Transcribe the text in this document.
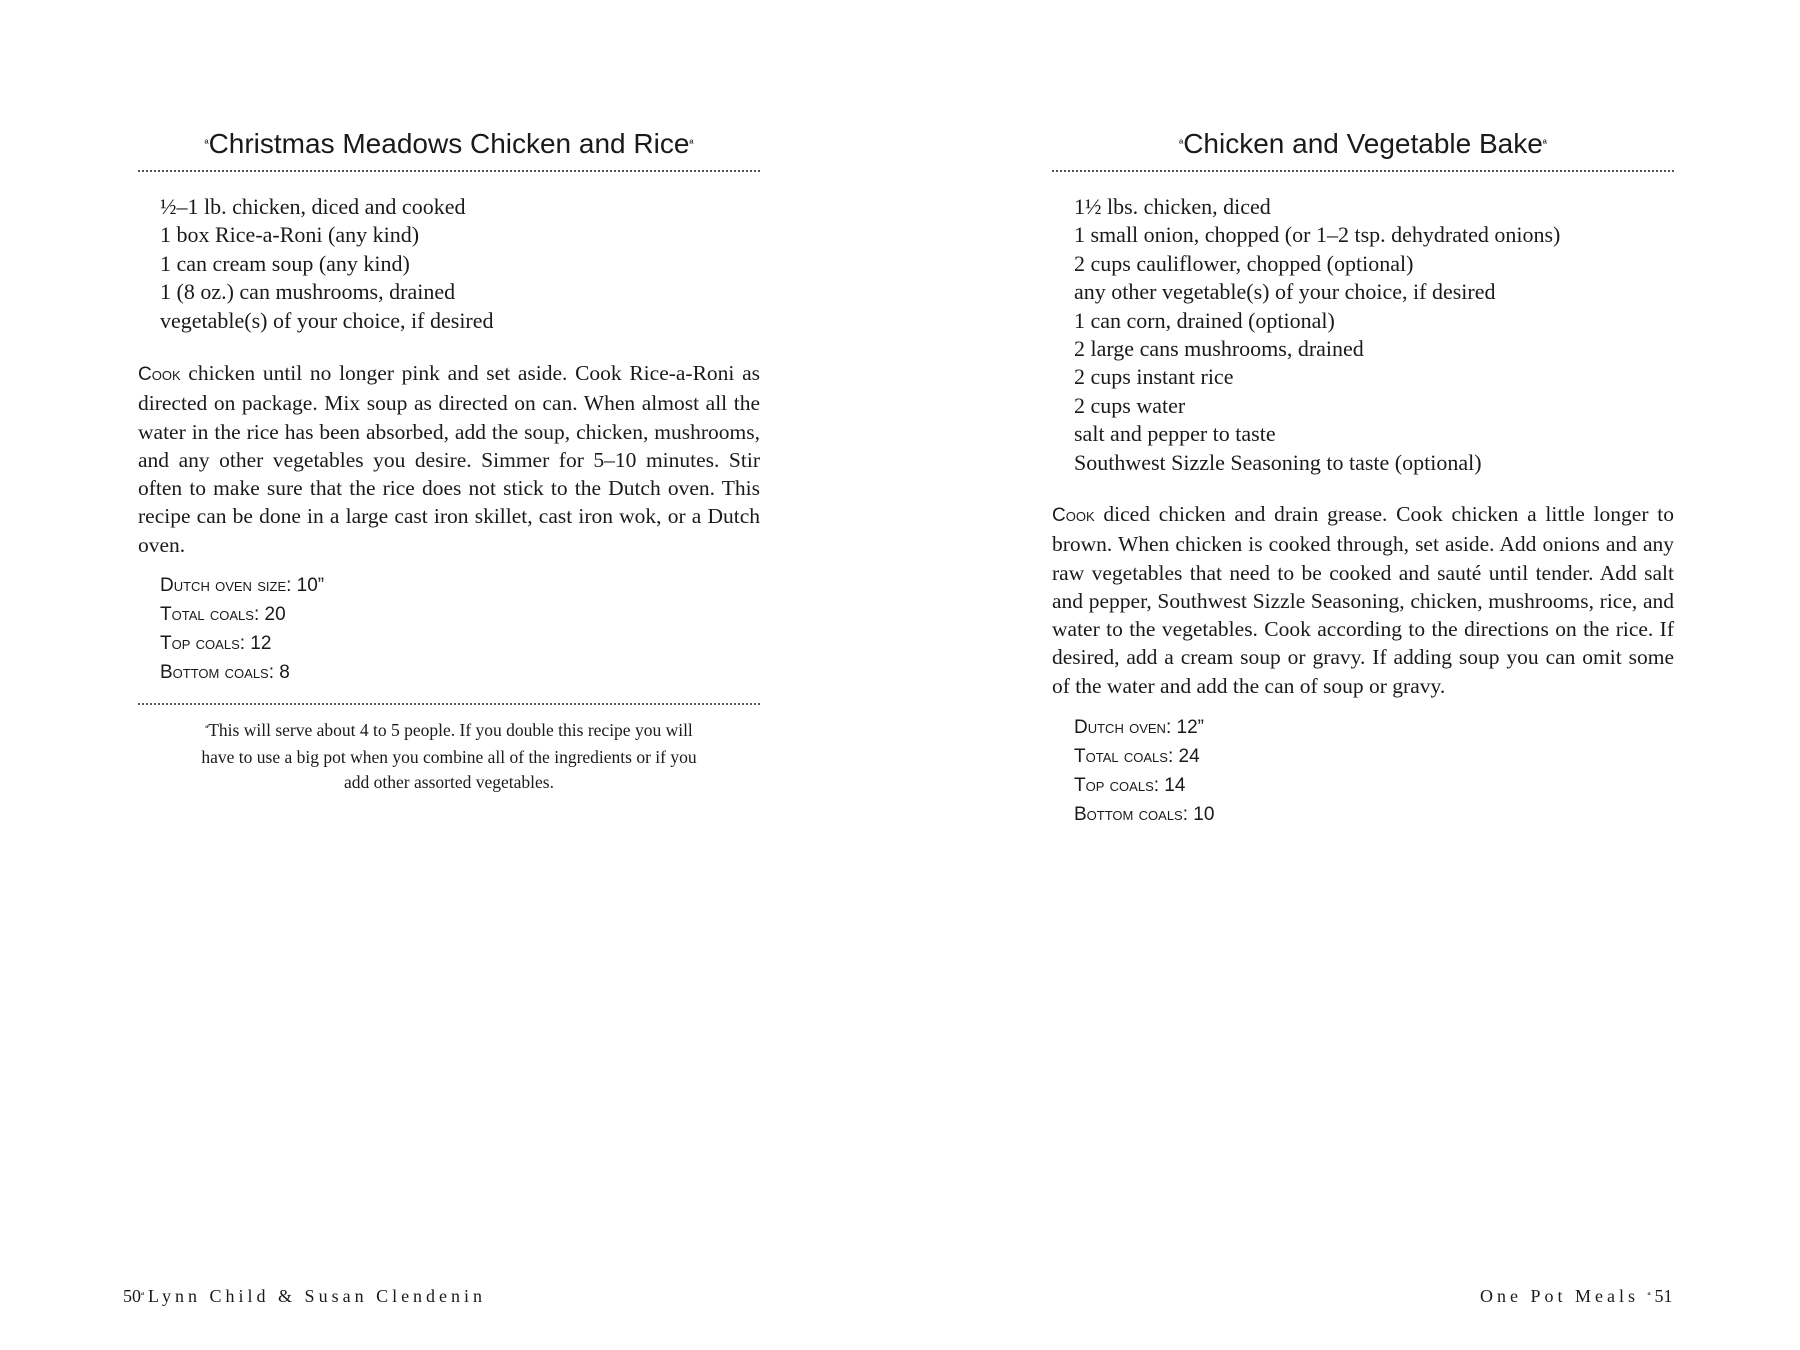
ªChristmas Meadows Chicken and Riceª
½–1 lb. chicken, diced and cooked
1 box Rice-a-Roni (any kind)
1 can cream soup (any kind)
1 (8 oz.) can mushrooms, drained
vegetable(s) of your choice, if desired

Cook chicken until no longer pink and set aside. Cook Rice-a-Roni as directed on package. Mix soup as directed on can. When almost all the water in the rice has been absorbed, add the soup, chicken, mushrooms, and any other vegetables you desire. Simmer for 5–10 minutes. Stir often to make sure that the rice does not stick to the Dutch oven. This recipe can be done in a large cast iron skillet, cast iron wok, or a Dutch oven.

Dutch oven size: 10”
Total coals: 20
Top coals: 12
Bottom coals: 8

ªThis will serve about 4 to 5 people. If you double this recipe you will have to use a big pot when you combine all of the ingredients or if you add other assorted vegetables.

50ªLynn Child & Susan Clendenin
ªChicken and Vegetable Bakeª
1½ lbs. chicken, diced
1 small onion, chopped (or 1–2 tsp. dehydrated onions)
2 cups cauliflower, chopped (optional)
any other vegetable(s) of your choice, if desired
1 can corn, drained (optional)
2 large cans mushrooms, drained
2 cups instant rice
2 cups water
salt and pepper to taste
Southwest Sizzle Seasoning to taste (optional)

Cook diced chicken and drain grease. Cook chicken a little longer to brown. When chicken is cooked through, set aside. Add onions and any raw vegetables that need to be cooked and sauté until tender. Add salt and pepper, Southwest Sizzle Seasoning, chicken, mushrooms, rice, and water to the vegetables. Cook according to the directions on the rice. If desired, add a cream soup or gravy. If adding soup you can omit some of the water and add the can of soup or gravy.

Dutch oven: 12”
Total coals: 24
Top coals: 14
Bottom coals: 10
One Pot Meals ª51
